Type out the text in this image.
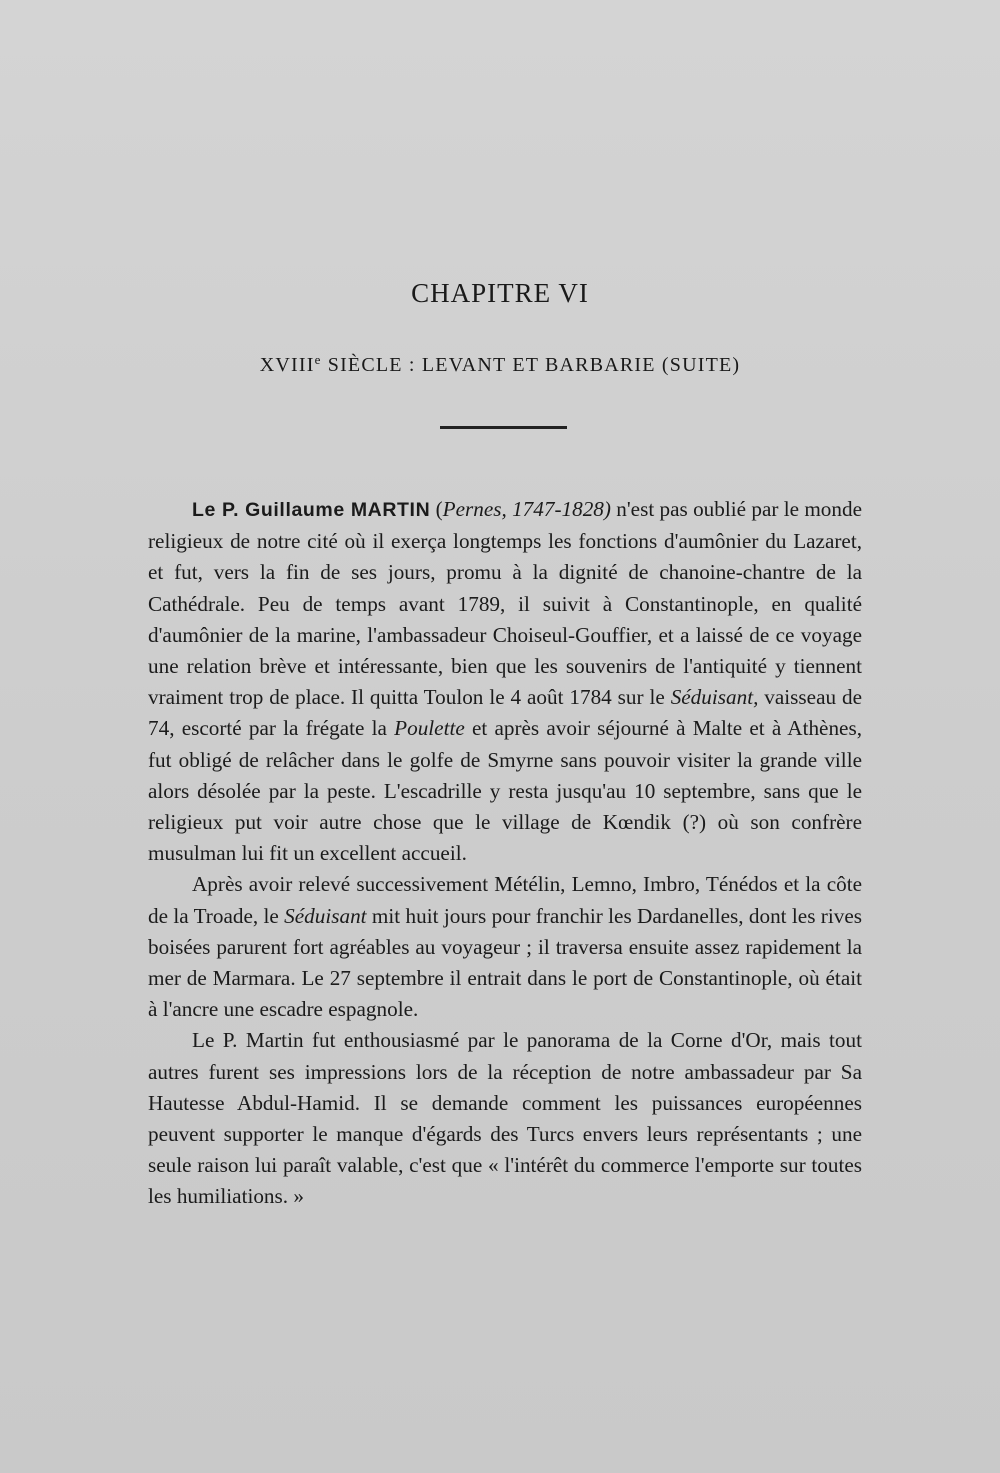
CHAPITRE VI
XVIIIe SIÈCLE : LEVANT ET BARBARIE (SUITE)

Le P. Guillaume MARTIN (Pernes, 1747-1828) n'est pas oublié par le monde religieux de notre cité où il exerça longtemps les fonctions d'aumônier du Lazaret, et fut, vers la fin de ses jours, promu à la dignité de chanoine-chantre de la Cathédrale. Peu de temps avant 1789, il suivit à Constantinople, en qualité d'aumônier de la marine, l'ambassadeur Choiseul-Gouffier, et a laissé de ce voyage une relation brève et intéressante, bien que les souvenirs de l'antiquité y tiennent vraiment trop de place. Il quitta Toulon le 4 août 1784 sur le Séduisant, vaisseau de 74, escorté par la frégate la Poulette et après avoir séjourné à Malte et à Athènes, fut obligé de relâcher dans le golfe de Smyrne sans pouvoir visiter la grande ville alors désolée par la peste. L'escadrille y resta jusqu'au 10 septembre, sans que le religieux put voir autre chose que le village de Kœndik (?) où son confrère musulman lui fit un excellent accueil.

Après avoir relevé successivement Métélin, Lemno, Imbro, Ténédos et la côte de la Troade, le Séduisant mit huit jours pour franchir les Dardanelles, dont les rives boisées parurent fort agréables au voyageur ; il traversa ensuite assez rapidement la mer de Marmara. Le 27 septembre il entrait dans le port de Constantinople, où était à l'ancre une escadre espagnole.

Le P. Martin fut enthousiasmé par le panorama de la Corne d'Or, mais tout autres furent ses impressions lors de la réception de notre ambassadeur par Sa Hautesse Abdul-Hamid. Il se demande comment les puissances européennes peuvent supporter le manque d'égards des Turcs envers leurs représentants ; une seule raison lui paraît valable, c'est que « l'intérêt du commerce l'emporte sur toutes les humiliations. »
